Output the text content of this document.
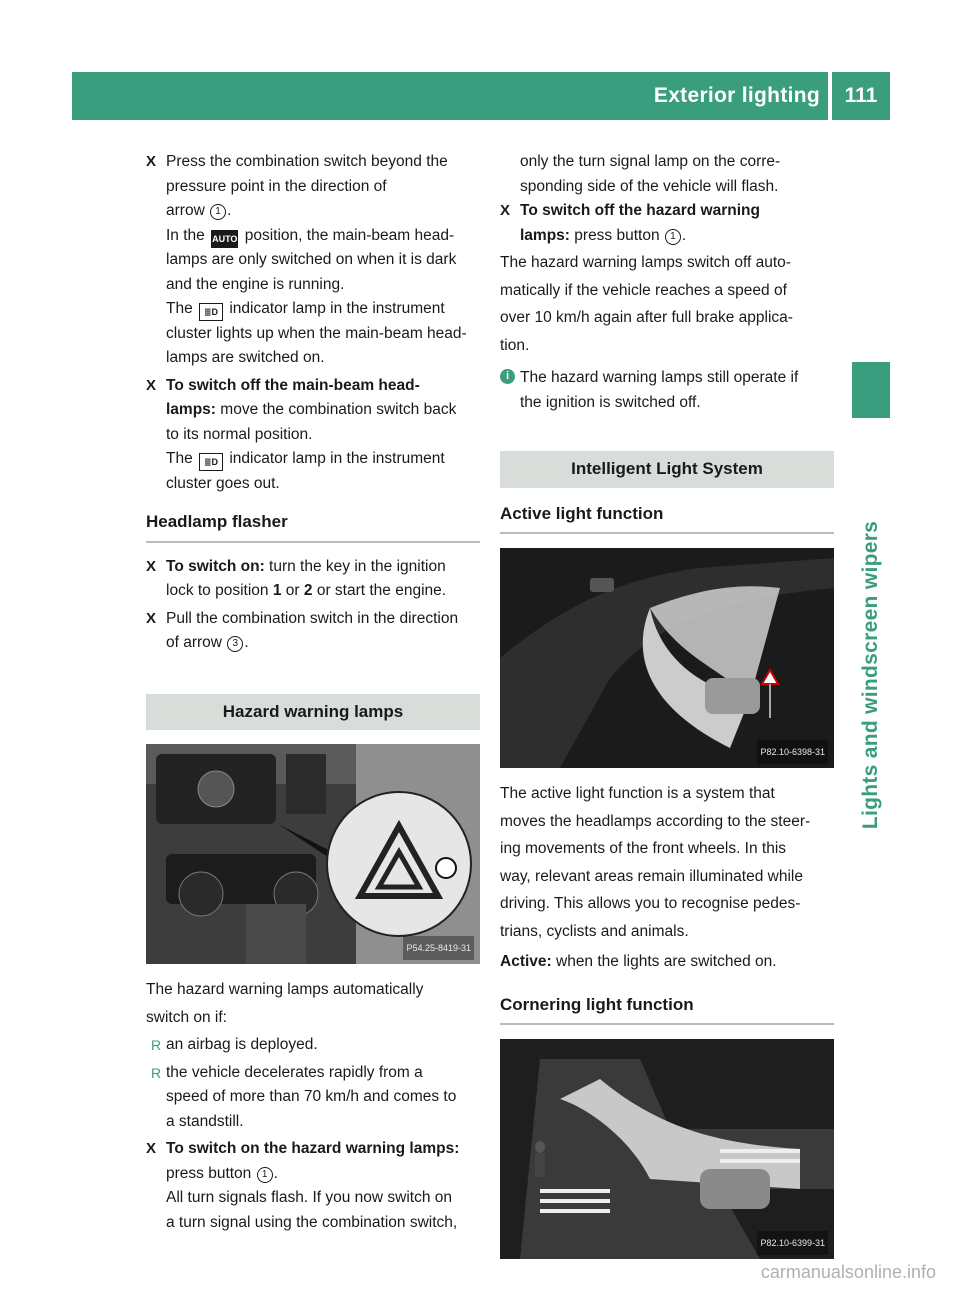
Exterior lighting	111
Lights and windscreen wipers
X Press the combination switch beyond the
pressure point in the direction of
arrow 1 .
In the AUTO position, the main-beam head-
lamps are only switched on when it is dark
and the engine is running.
The ≣D indicator lamp in the instrument
cluster lights up when the main-beam head-
lamps are switched on.
X To switch off the main-beam head-
lamps: move the combination switch back
to its normal position.
The ≣D indicator lamp in the instrument
cluster goes out.
Headlamp flasher
X To switch on: turn the key in the ignition
lock to position 1 or 2 or start the engine.
X Pull the combination switch in the direction
of arrow 3 .
Hazard warning lamps
P54.25-8419-31
The hazard warning lamps automatically
switch on if:
R an airbag is deployed.
R the vehicle decelerates rapidly from a
speed of more than 70 km/h and comes to
a standstill.
X To switch on the hazard warning lamps:
press button 1 .
All turn signals flash. If you now switch on
a turn signal using the combination switch,
only the turn signal lamp on the corre-
sponding side of the vehicle will flash.
X To switch off the hazard warning
lamps: press button 1 .
The hazard warning lamps switch off auto-
matically if the vehicle reaches a speed of
over 10 km/h again after full brake applica-
tion.
i The hazard warning lamps still operate if
the ignition is switched off.
Intelligent Light System
Active light function
P82.10-6398-31
The active light function is a system that
moves the headlamps according to the steer-
ing movements of the front wheels. In this
way, relevant areas remain illuminated while
driving. This allows you to recognise pedes-
trians, cyclists and animals.
Active: when the lights are switched on.
Cornering light function
P82.10-6399-31
carmanualsonline.info
